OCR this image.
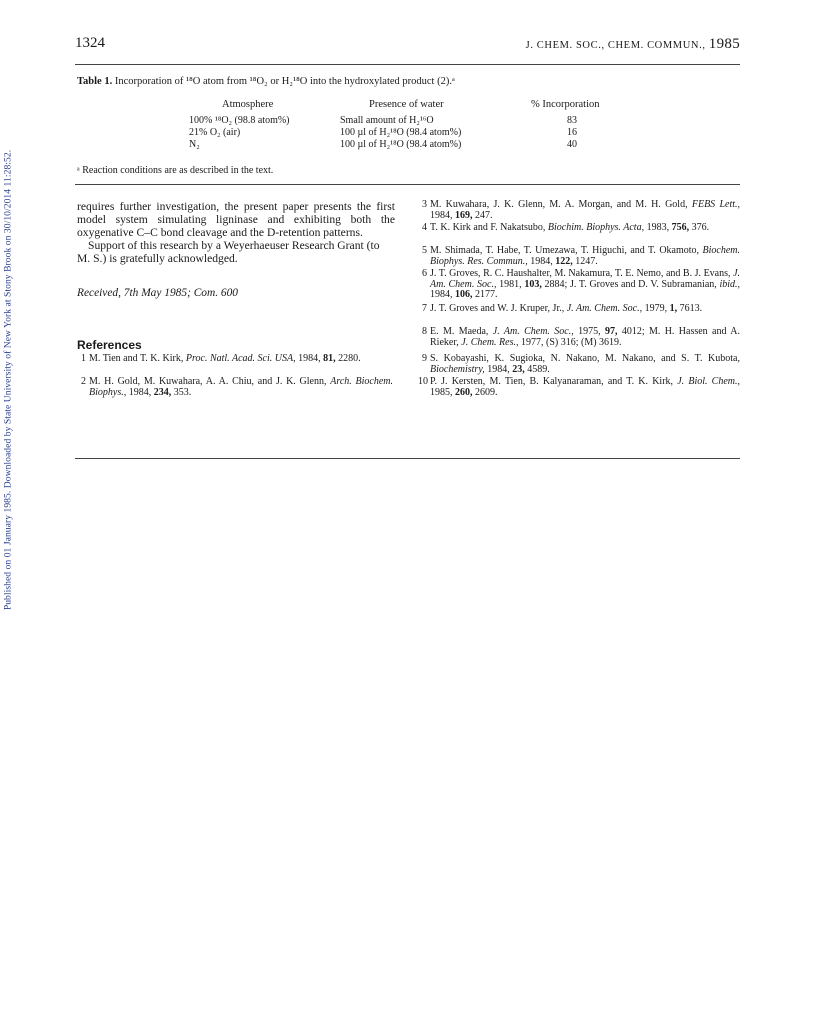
Published on 01 January 1985. Downloaded by State University of New York at Stony Brook on 30/10/2014 11:28:52.
1324	J. CHEM. SOC., CHEM. COMMUN., 1985
Table 1. Incorporation of ¹⁸O atom from ¹⁸O₂ or H₂¹⁸O into the hydroxylated product (2).ᵃ
Atmosphere	Presence of water	% Incorporation
100% ¹⁸O₂ (98.8 atom%)	Small amount of H₂¹⁶O	83
21% O₂ (air)	100 µl of H₂¹⁸O (98.4 atom%)	16
N₂	100 µl of H₂¹⁸O (98.4 atom%)	40
ᵃ Reaction conditions are as described in the text.

requires further investigation, the present paper presents the first model system simulating ligninase and exhibiting both the oxygenative C–C bond cleavage and the D-retention patterns.

Support of this research by a Weyerhaeuser Research Grant (to M. S.) is gratefully acknowledged.

Received, 7th May 1985; Com. 600
References
1 M. Tien and T. K. Kirk, Proc. Natl. Acad. Sci. USA, 1984, 81, 2280.
2 M. H. Gold, M. Kuwahara, A. A. Chiu, and J. K. Glenn, Arch. Biochem. Biophys., 1984, 234, 353.
3 M. Kuwahara, J. K. Glenn, M. A. Morgan, and M. H. Gold, FEBS Lett., 1984, 169, 247.
4 T. K. Kirk and F. Nakatsubo, Biochim. Biophys. Acta, 1983, 756, 376.
5 M. Shimada, T. Habe, T. Umezawa, T. Higuchi, and T. Okamoto, Biochem. Biophys. Res. Commun., 1984, 122, 1247.
6 J. T. Groves, R. C. Haushalter, M. Nakamura, T. E. Nemo, and B. J. Evans, J. Am. Chem. Soc., 1981, 103, 2884; J. T. Groves and D. V. Subramanian, ibid., 1984, 106, 2177.
7 J. T. Groves and W. J. Kruper, Jr., J. Am. Chem. Soc., 1979, 1, 7613.
8 E. M. Maeda, J. Am. Chem. Soc., 1975, 97, 4012; M. H. Hassen and A. Rieker, J. Chem. Res., 1977, (S) 316; (M) 3619.
9 S. Kobayashi, K. Sugioka, N. Nakano, M. Nakano, and S. T. Kubota, Biochemistry, 1984, 23, 4589.
10 P. J. Kersten, M. Tien, B. Kalyanaraman, and T. K. Kirk, J. Biol. Chem., 1985, 260, 2609.
